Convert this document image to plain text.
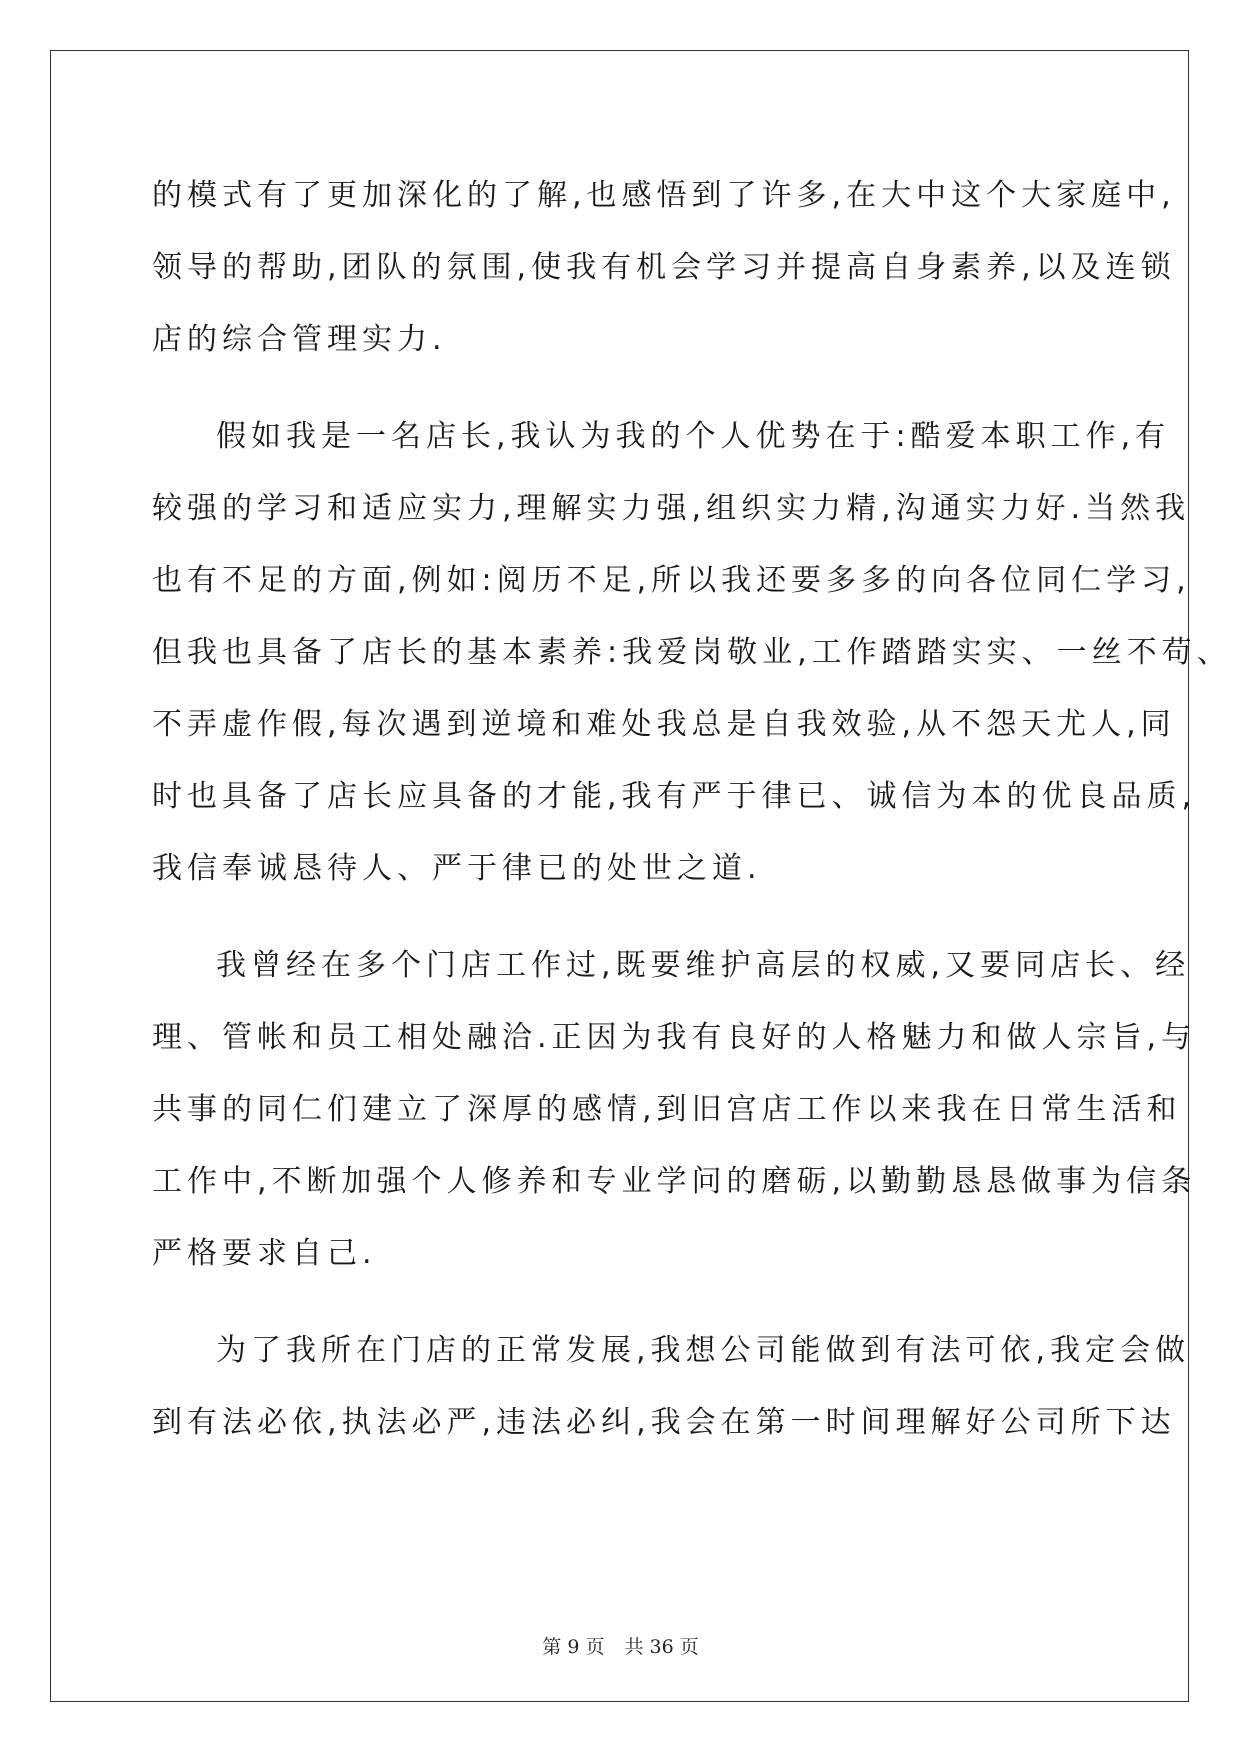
的模式有了更加深化的了解,也感悟到了许多,在大中这个大家庭中,
领导的帮助,团队的氛围,使我有机会学习并提高自身素养,以及连锁
店的综合管理实力.
假如我是一名店长,我认为我的个人优势在于:酷爱本职工作,有
较强的学习和适应实力,理解实力强,组织实力精,沟通实力好.当然我
也有不足的方面,例如:阅历不足,所以我还要多多的向各位同仁学习,
但我也具备了店长的基本素养:我爱岗敬业,工作踏踏实实、一丝不苟、
不弄虚作假,每次遇到逆境和难处我总是自我效验,从不怨天尤人,同
时也具备了店长应具备的才能,我有严于律已、诚信为本的优良品质,
我信奉诚恳待人、严于律已的处世之道.
我曾经在多个门店工作过,既要维护高层的权威,又要同店长、经
理、管帐和员工相处融洽.正因为我有良好的人格魅力和做人宗旨,与
共事的同仁们建立了深厚的感情,到旧宫店工作以来我在日常生活和
工作中,不断加强个人修养和专业学问的磨砺,以勤勤恳恳做事为信条
严格要求自己.
为了我所在门店的正常发展,我想公司能做到有法可依,我定会做
到有法必依,执法必严,违法必纠,我会在第一时间理解好公司所下达
第 9 页 共 36 页
